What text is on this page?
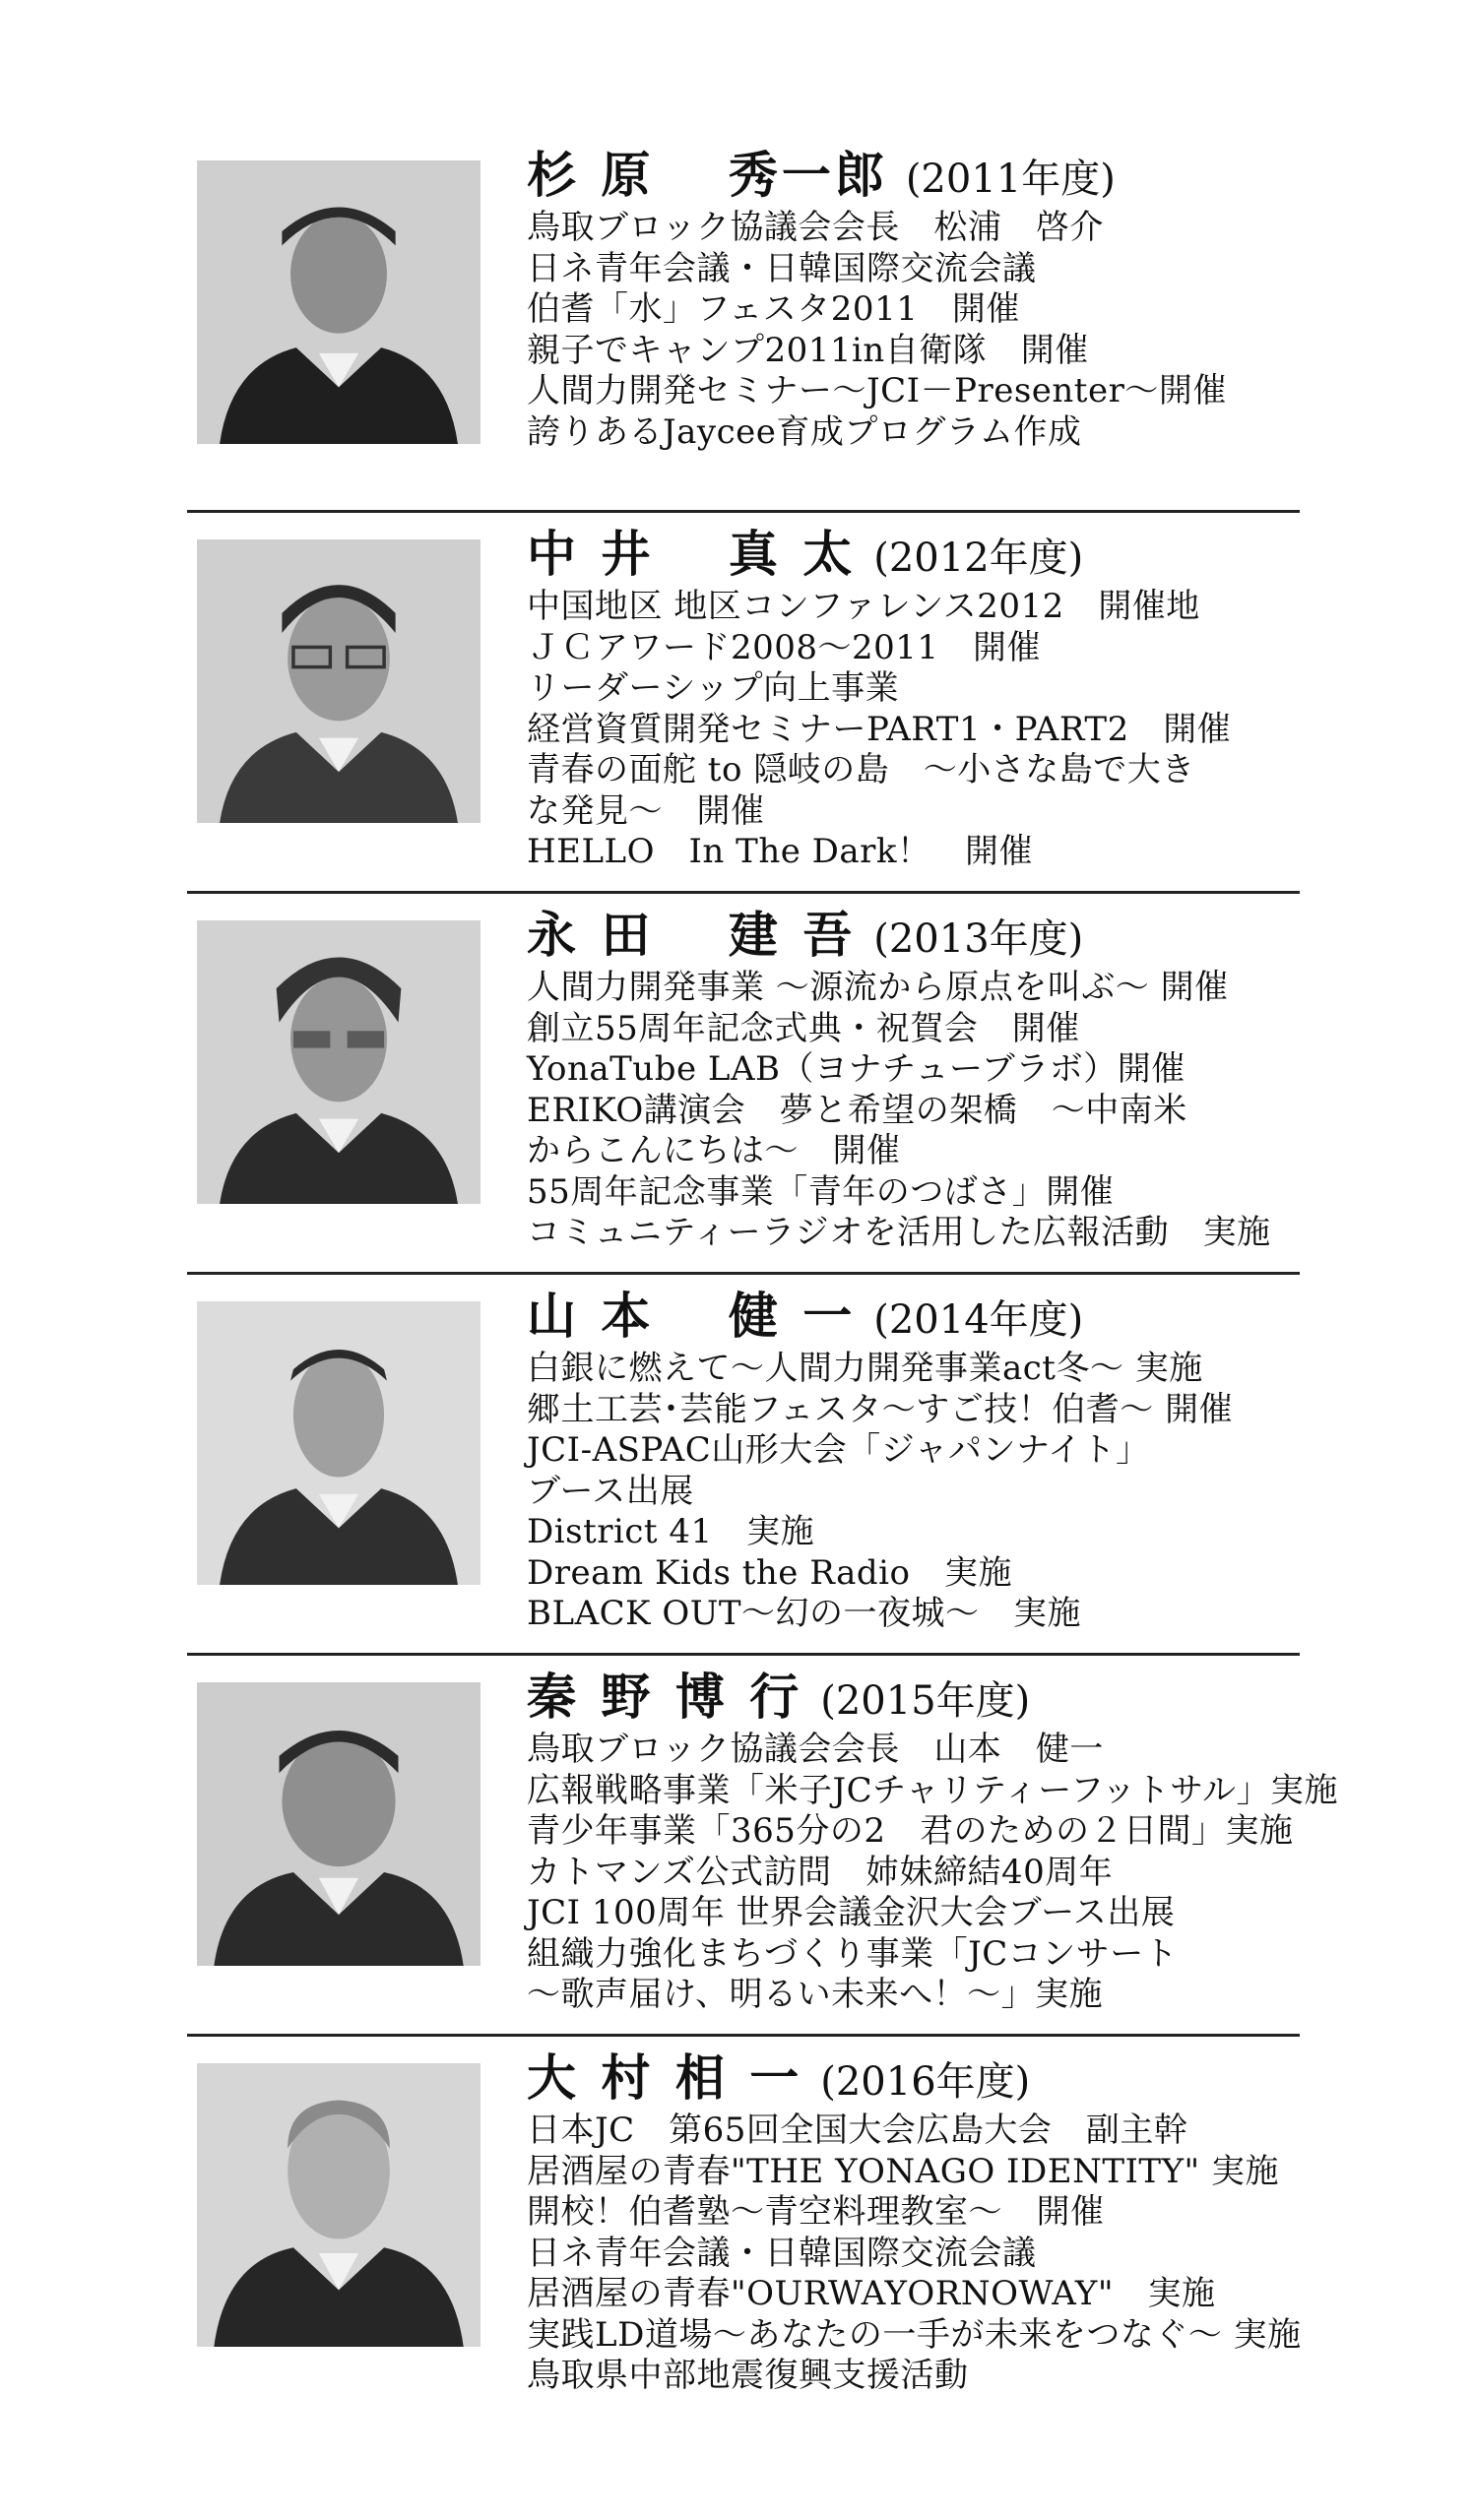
杉 原　 秀一郎 (2011年度)
鳥取ブロック協議会会長　松浦　啓介
日ネ青年会議・日韓国際交流会議
伯耆「水」フェスタ2011　開催
親子でキャンプ2011in自衛隊　開催
人間力開発セミナー～JCI－Presenter～開催
誇りあるJaycee育成プログラム作成
中 井　 真 太 (2012年度)
中国地区 地区コンファレンス2012　開催地
ＪＣアワード2008～2011　開催
リーダーシップ向上事業
経営資質開発セミナーPART1・PART2　開催
青春の面舵 to 隠岐の島　～小さな島で大き
な発見～　開催
HELLO　In The Dark！　開催
永 田　 建 吾 (2013年度)
人間力開発事業 ～源流から原点を叫ぶ～ 開催
創立55周年記念式典・祝賀会　開催
YonaTube LAB（ヨナチューブラボ）開催
ERIKO講演会　夢と希望の架橋　～中南米
からこんにちは～　開催
55周年記念事業「青年のつばさ」開催
コミュニティーラジオを活用した広報活動　実施
山 本　 健 一 (2014年度)
白銀に燃えて～人間力開発事業act冬～ 実施
郷土工芸･芸能フェスタ～すご技！伯耆～ 開催
JCI-ASPAC山形大会「ジャパンナイト」
ブース出展
District 41　実施
Dream Kids the Radio　実施
BLACK OUT～幻の一夜城～　実施
秦 野 博 行 (2015年度)
鳥取ブロック協議会会長　山本　健一
広報戦略事業「米子JCチャリティーフットサル」実施
青少年事業「365分の2　君のための２日間」実施
カトマンズ公式訪問　姉妹締結40周年
JCI 100周年 世界会議金沢大会ブース出展
組織力強化まちづくり事業「JCコンサート
～歌声届け、明るい未来へ！～」実施
大 村 相 一 (2016年度)
日本JC　第65回全国大会広島大会　副主幹
居酒屋の青春"THE YONAGO IDENTITY" 実施
開校！伯耆塾～青空料理教室～　開催
日ネ青年会議・日韓国際交流会議
居酒屋の青春"OURWAYORNOWAY"　実施
実践LD道場～あなたの一手が未来をつなぐ～ 実施
鳥取県中部地震復興支援活動
